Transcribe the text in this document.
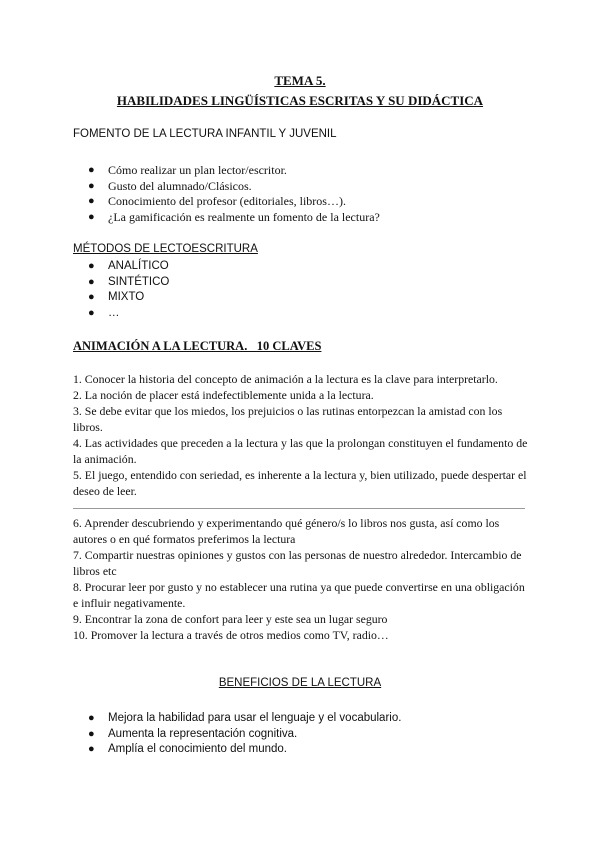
TEMA 5.
HABILIDADES LINGÜÍSTICAS ESCRITAS Y SU DIDÁCTICA
FOMENTO DE LA LECTURA INFANTIL Y JUVENIL
● Cómo realizar un plan lector/escritor.
● Gusto del alumnado/Clásicos.
● Conocimiento del profesor (editoriales, libros…).
● ¿La gamificación es realmente un fomento de la lectura?
MÉTODOS DE LECTOESCRITURA
● ANALÍTICO
● SINTÉTICO
● MIXTO
● …
ANIMACIÓN A LA LECTURA.   10 CLAVES

1. Conocer la historia del concepto de animación a la lectura es la clave para interpretarlo.

2. La noción de placer está indefectiblemente unida a la lectura.

3. Se debe evitar que los miedos, los prejuicios o las rutinas entorpezcan la amistad con los libros.

4. Las actividades que preceden a la lectura y las que la prolongan constituyen el fundamento de la animación.

5. El juego, entendido con seriedad, es inherente a la lectura y, bien utilizado, puede despertar el deseo de leer.

6. Aprender descubriendo y experimentando qué género/s lo libros nos gusta, así como los autores o en qué formatos preferimos la lectura

7. Compartir nuestras opiniones y gustos con las personas de nuestro alrededor. Intercambio de libros etc

8. Procurar leer por gusto y no establecer una rutina ya que puede convertirse en una obligación e influir negativamente.

9. Encontrar la zona de confort para leer y este sea un lugar seguro

10. Promover la lectura a través de otros medios como TV, radio…

BENEFICIOS DE LA LECTURA
● Mejora la habilidad para usar el lenguaje y el vocabulario.
● Aumenta la representación cognitiva.
● Amplía el conocimiento del mundo.
